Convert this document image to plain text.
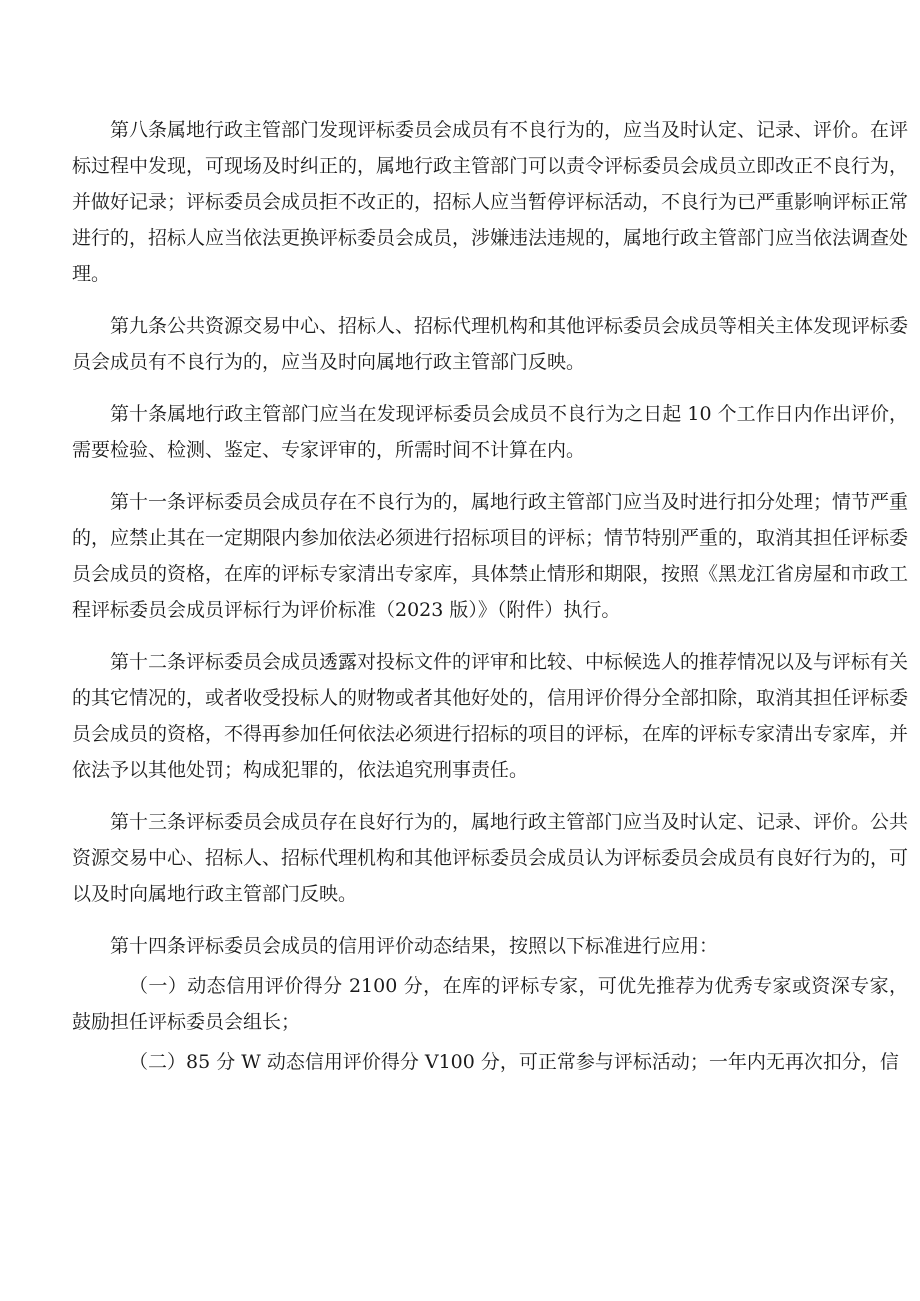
第八条属地行政主管部门发现评标委员会成员有不良行为的，应当及时认定、记录、评价。在评标过程中发现，可现场及时纠正的，属地行政主管部门可以责令评标委员会成员立即改正不良行为，并做好记录；评标委员会成员拒不改正的，招标人应当暂停评标活动，不良行为已严重影响评标正常进行的，招标人应当依法更换评标委员会成员，涉嫌违法违规的，属地行政主管部门应当依法调查处理。

第九条公共资源交易中心、招标人、招标代理机构和其他评标委员会成员等相关主体发现评标委员会成员有不良行为的，应当及时向属地行政主管部门反映。

第十条属地行政主管部门应当在发现评标委员会成员不良行为之日起 10 个工作日内作出评价，需要检验、检测、鉴定、专家评审的，所需时间不计算在内。

第十一条评标委员会成员存在不良行为的，属地行政主管部门应当及时进行扣分处理；情节严重的，应禁止其在一定期限内参加依法必须进行招标项目的评标；情节特别严重的，取消其担任评标委员会成员的资格，在库的评标专家清出专家库，具体禁止情形和期限，按照《黑龙江省房屋和市政工程评标委员会成员评标行为评价标准（2023 版）》（附件）执行。

第十二条评标委员会成员透露对投标文件的评审和比较、中标候选人的推荐情况以及与评标有关的其它情况的，或者收受投标人的财物或者其他好处的，信用评价得分全部扣除，取消其担任评标委员会成员的资格，不得再参加任何依法必须进行招标的项目的评标，在库的评标专家清出专家库，并依法予以其他处罚；构成犯罪的，依法追究刑事责任。

第十三条评标委员会成员存在良好行为的，属地行政主管部门应当及时认定、记录、评价。公共资源交易中心、招标人、招标代理机构和其他评标委员会成员认为评标委员会成员有良好行为的，可以及时向属地行政主管部门反映。

第十四条评标委员会成员的信用评价动态结果，按照以下标准进行应用：

（一）动态信用评价得分 2100 分，在库的评标专家，可优先推荐为优秀专家或资深专家，鼓励担任评标委员会组长；

（二）85 分 W 动态信用评价得分 V100 分，可正常参与评标活动；一年内无再次扣分，信
